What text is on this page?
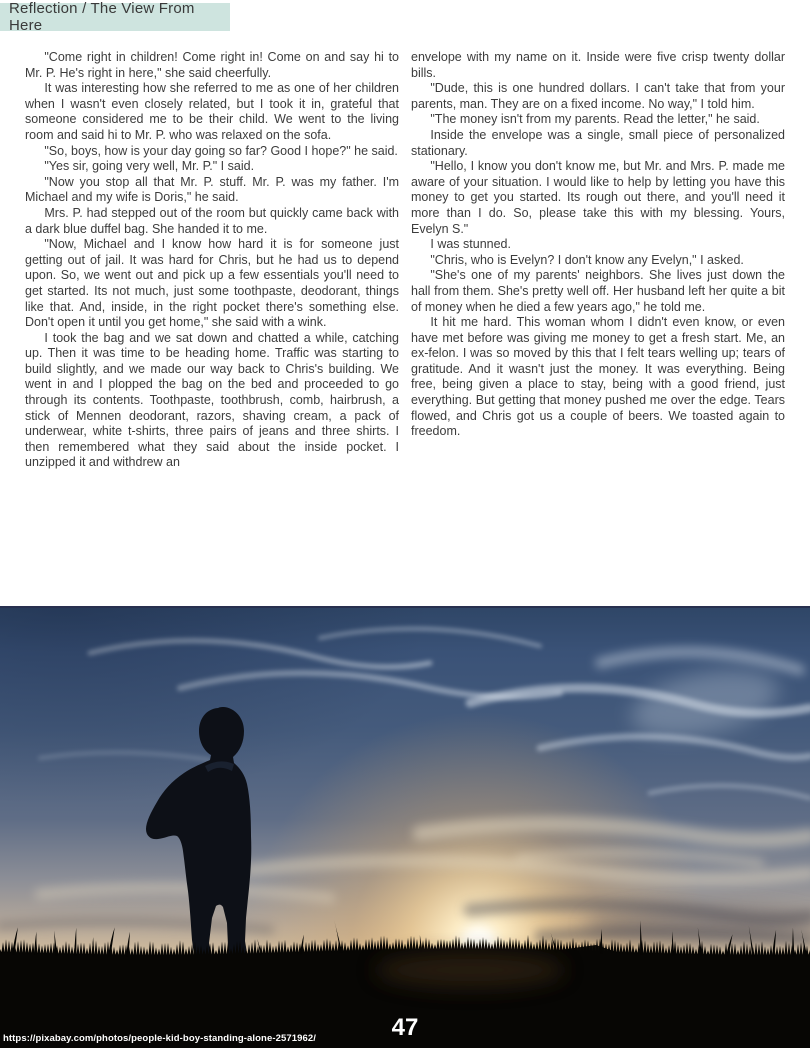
Reflection / The View From Here

"Come right in children! Come right in! Come on and say hi to Mr. P. He's right in here," she said cheerfully.

It was interesting how she referred to me as one of her children when I wasn't even closely related, but I took it in, grateful that someone considered me to be their child. We went to the living room and said hi to Mr. P. who was relaxed on the sofa.

"So, boys, how is your day going so far? Good I hope?" he said.

"Yes sir, going very well, Mr. P." I said.

"Now you stop all that Mr. P. stuff. Mr. P. was my father. I'm Michael and my wife is Doris," he said.

Mrs. P. had stepped out of the room but quickly came back with a dark blue duffel bag. She handed it to me.

"Now, Michael and I know how hard it is for someone just getting out of jail. It was hard for Chris, but he had us to depend upon. So, we went out and pick up a few essentials you'll need to get started. Its not much, just some toothpaste, deodorant, things like that. And, inside, in the right pocket there's something else. Don't open it until you get home," she said with a wink.

I took the bag and we sat down and chatted a while, catching up. Then it was time to be heading home. Traffic was starting to build slightly, and we made our way back to Chris's building. We went in and I plopped the bag on the bed and proceeded to go through its contents. Toothpaste, toothbrush, comb, hairbrush, a stick of Mennen deodorant, razors, shaving cream, a pack of underwear, white t-shirts, three pairs of jeans and three shirts. I then remembered what they said about the inside pocket. I unzipped it and withdrew an

envelope with my name on it. Inside were five crisp twenty dollar bills.

"Dude, this is one hundred dollars. I can't take that from your parents, man. They are on a fixed income. No way," I told him.

"The money isn't from my parents. Read the letter," he said.

Inside the envelope was a single, small piece of personalized stationary.

"Hello, I know you don't know me, but Mr. and Mrs. P. made me aware of your situation. I would like to help by letting you have this money to get you started. Its rough out there, and you'll need it more than I do. So, please take this with my blessing. Yours, Evelyn S."

I was stunned.

"Chris, who is Evelyn? I don't know any Evelyn," I asked.

"She's one of my parents' neighbors. She lives just down the hall from them. She's pretty well off. Her husband left her quite a bit of money when he died a few years ago," he told me.

It hit me hard. This woman whom I didn't even know, or even have met before was giving me money to get a fresh start. Me, an ex-felon. I was so moved by this that I felt tears welling up; tears of gratitude. And it wasn't just the money. It was everything. Being free, being given a place to stay, being with a good friend, just everything. But getting that money pushed me over the edge. Tears flowed, and Chris got us a couple of beers. We toasted again to freedom.

https://pixabay.com/photos/people-kid-boy-standing-alone-2571962/	47
